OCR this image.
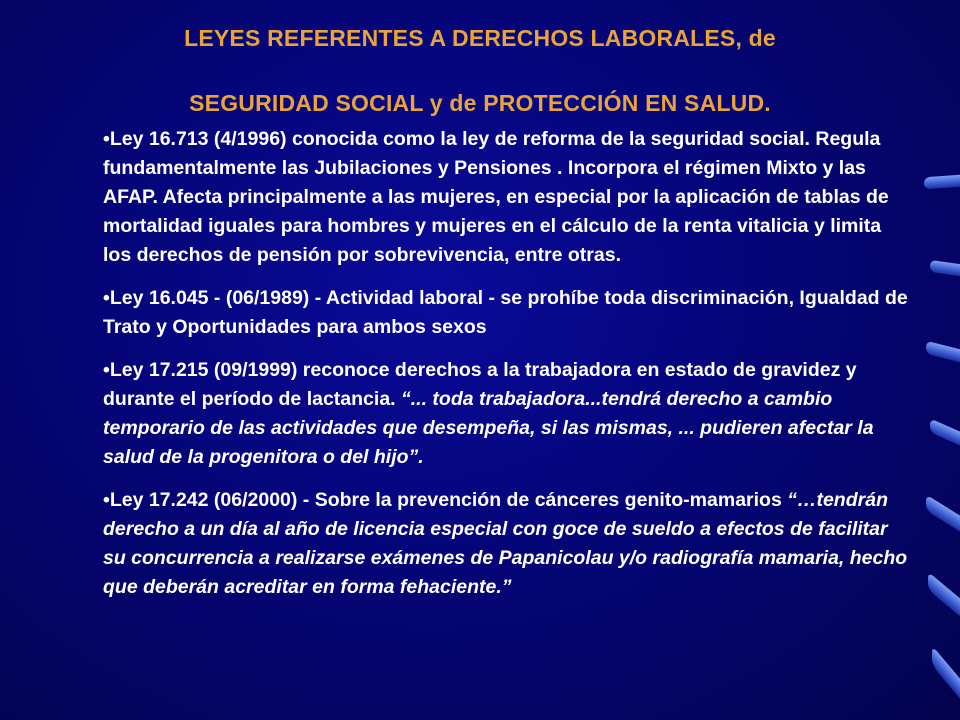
LEYES REFERENTES A DERECHOS LABORALES, de
SEGURIDAD SOCIAL y de PROTECCIÓN EN SALUD.
•Ley 16.713 (4/1996) conocida como la ley de reforma de la seguridad social. Regula fundamentalmente las Jubilaciones y Pensiones . Incorpora el régimen Mixto y las AFAP. Afecta principalmente a las mujeres, en especial por la aplicación de tablas de mortalidad iguales para hombres y mujeres en el cálculo de la renta vitalicia y limita los derechos de pensión por sobrevivencia, entre otras.
•Ley 16.045 - (06/1989) - Actividad laboral - se prohíbe toda discriminación, Igualdad de Trato y Oportunidades para ambos sexos
•Ley 17.215 (09/1999) reconoce derechos a la trabajadora en estado de gravidez y durante el período de lactancia. “... toda trabajadora...tendrá derecho a cambio temporario de las actividades que desempeña, si las mismas, ... pudieren afectar la salud de la progenitora o del hijo”.
•Ley 17.242 (06/2000) - Sobre la prevención de cánceres genito-mamarios “…tendrán derecho a un día al año de licencia especial con goce de sueldo a efectos de facilitar su concurrencia a realizarse exámenes de Papanicolau y/o radiografía mamaria, hecho que deberán acreditar en forma fehaciente.”
